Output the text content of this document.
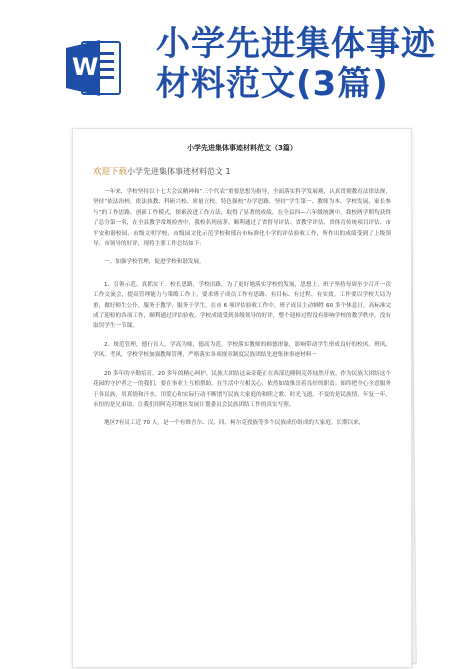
W
小学先进集体事迹
材料范文(3篇)
小学先进集体事迹材料范文（3篇）
欢迎下载小学先进集体事迹材料范文 1

一年来，学校坚持以十七大会议精神和“三个代表”重要思想为指导，全面落实科学发展观，认真贯彻教育法律法规，坚持“依法治校、依法执教、科研兴校、质量立校、特色强校”办学思路，坚持“学生第一、教师为本、学校发展、家长参与”的工作思路，创新工作模式，探索改进工作方法，取得了显著的成绩，在全县四—六年级统测中，我校两学期均获得了总分第一名，在全县教学常规检查中，我校名列前茅，顺利通过了省督导评估、省教学评估、省体育传统项目评估、市平安和谐校园、市级文明学校、市级园文化示范学校和邢台市标准化小学的评估验收工作，所作出的成绩受到了上级领导、市领导的好评，现将主要工作总结如下：

一、加强学校管理，促进学校和谐发展。

1、引领示范、真抓实干。校长思路，学校出路，为了更好地落实学校的发展，思想上，班子坚持每周至少召开一次工作交流会，提高管理能力与策略工作上，要求班子成员工作有思路、有目标、有过程、有实效。工作要以学校大局为重，做好师生公仆，服务于教学，服务于学生。在市 6 项评估验收工作中，班子成员主动牺牲 60 多个休息日，高标准完成了迎检的各项工作，顺利通过评估验收，学校成绩受到各级领导的好评，整个迎检过程没有影响学校的教学秩序，没有取误学生一节课。

2、规范管理，德行育人。学高为师，德高为范，学校落实教师的师德形象，影响带动学生形成良好的校风、班风、学风、考风，学校学校加强教师管理，严格落实各项规章制度民族团结先进集体事迹材料一

20 多年的辛勤培育，20 多年的精心呵护，民族大团结这朵奇葩正在西部边陲阿克苏灿然开放。作为民族大团结这个花园的守护者之一的我们，要在事业上互相帮助，在生活中互相关心，依然如故推崇着良好的职责：始终把全心全意服务于各民族，用真情和汗水，用爱心和实际行动不断谱写民族大家庭的和睦之歌。时光飞逝，不变的是民族情，年复一年，永恒的是兄弟谊，让我们用阿克苏地区发展计划委员会民族团结工作的真实写照。

地区7有员工近 70 人，是一个有维吾尔、汉、回、柯尔克孜族等多个民族成份组成的大家庭。长期以来，
